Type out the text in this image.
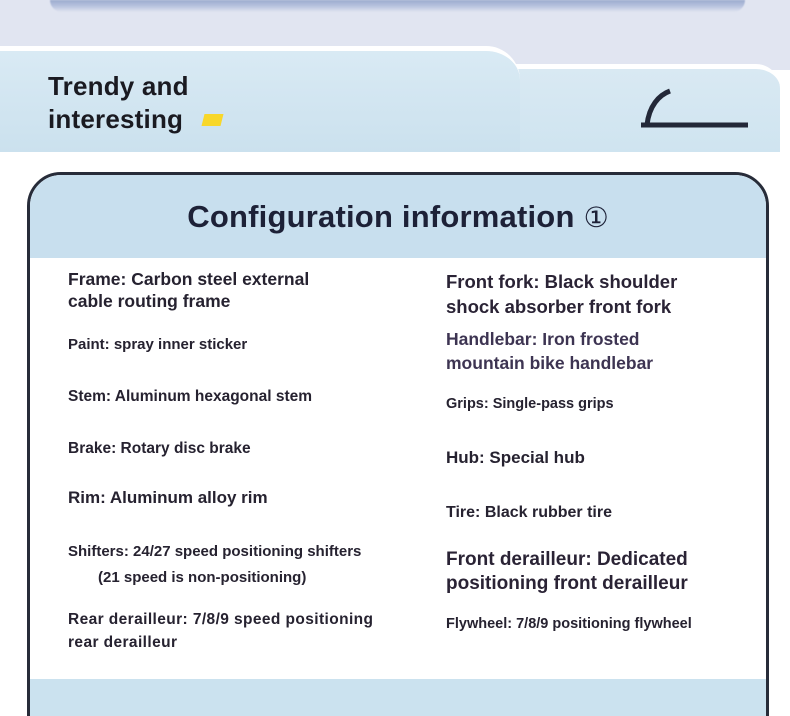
Trendy and
interesting
Configuration information ①
Frame: Carbon steel external cable routing frame
Paint: spray inner sticker
Stem: Aluminum hexagonal stem
Brake: Rotary disc brake
Rim: Aluminum alloy rim
Shifters: 24/27 speed positioning shifters
(21 speed is non-positioning)
Rear derailleur: 7/8/9 speed positioning rear derailleur
Front fork: Black shoulder shock absorber front fork
Handlebar: Iron frosted mountain bike handlebar
Grips: Single-pass grips
Hub: Special hub
Tire: Black rubber tire
Front derailleur: Dedicated positioning front derailleur
Flywheel: 7/8/9 positioning flywheel
